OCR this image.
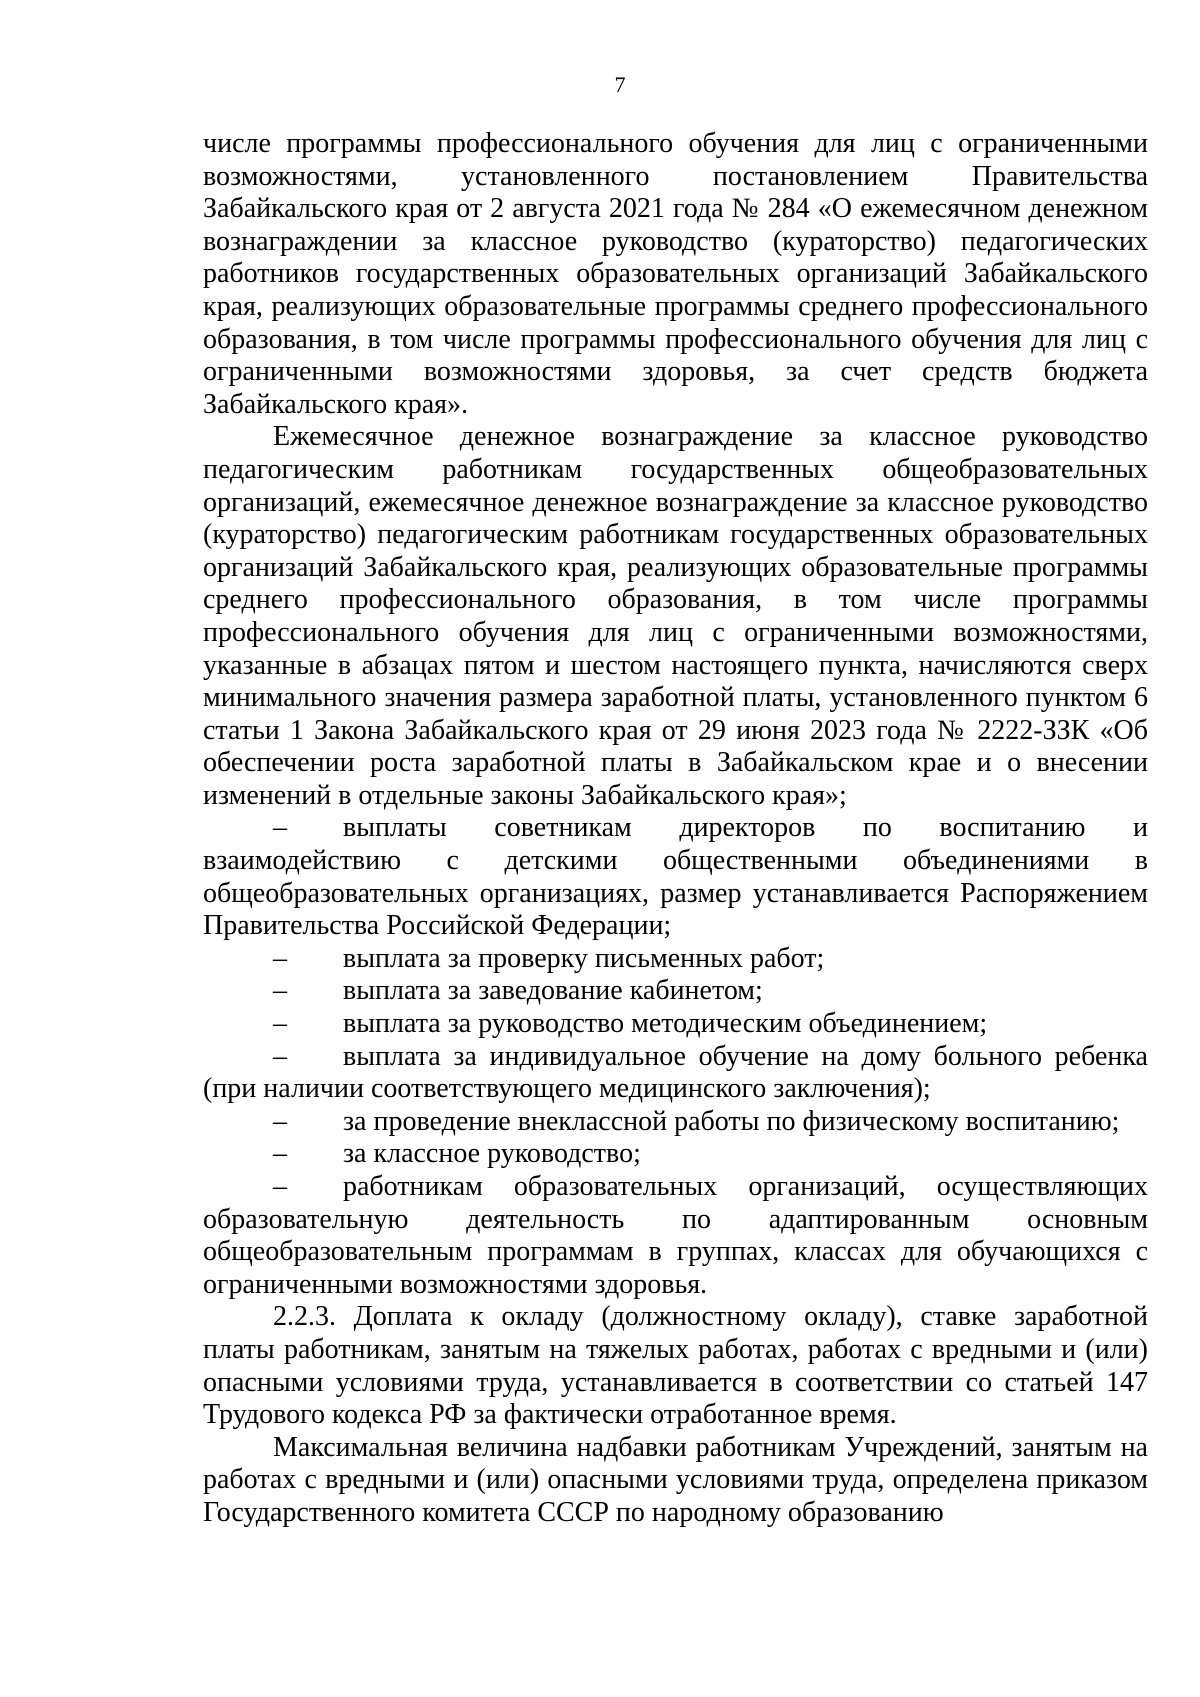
7

числе программы профессионального обучения для лиц с ограниченными возможностями, установленного постановлением Правительства Забайкальского края от 2 августа 2021 года № 284 «О ежемесячном денежном вознаграждении за классное руководство (кураторство) педагогических работников государственных образовательных организаций Забайкальского края, реализующих образовательные программы среднего профессионального образования, в том числе программы профессионального обучения для лиц с ограниченными возможностями здоровья, за счет средств бюджета Забайкальского края».

Ежемесячное денежное вознаграждение за классное руководство педагогическим работникам государственных общеобразовательных организаций, ежемесячное денежное вознаграждение за классное руководство (кураторство) педагогическим работникам государственных образовательных организаций Забайкальского края, реализующих образовательные программы среднего профессионального образования, в том числе программы профессионального обучения для лиц с ограниченными возможностями, указанные в абзацах пятом и шестом настоящего пункта, начисляются сверх минимального значения размера заработной платы, установленного пунктом 6 статьи 1 Закона Забайкальского края от 29 июня 2023 года № 2222-ЗЗК «Об обеспечении роста заработной платы в Забайкальском крае и о внесении изменений в отдельные законы Забайкальского края»;

– выплаты советникам директоров по воспитанию и взаимодействию с детскими общественными объединениями в общеобразовательных организациях, размер устанавливается Распоряжением Правительства Российской Федерации;

– выплата за проверку письменных работ;

– выплата за заведование кабинетом;

– выплата за руководство методическим объединением;

– выплата за индивидуальное обучение на дому больного ребенка (при наличии соответствующего медицинского заключения);

– за проведение внеклассной работы по физическому воспитанию;

– за классное руководство;

– работникам образовательных организаций, осуществляющих образовательную деятельность по адаптированным основным общеобразовательным программам в группах, классах для обучающихся с ограниченными возможностями здоровья.

2.2.3. Доплата к окладу (должностному окладу), ставке заработной платы работникам, занятым на тяжелых работах, работах с вредными и (или) опасными условиями труда, устанавливается в соответствии со статьей 147 Трудового кодекса РФ за фактически отработанное время.

Максимальная величина надбавки работникам Учреждений, занятым на работах с вредными и (или) опасными условиями труда, определена приказом Государственного комитета СССР по народному образованию
